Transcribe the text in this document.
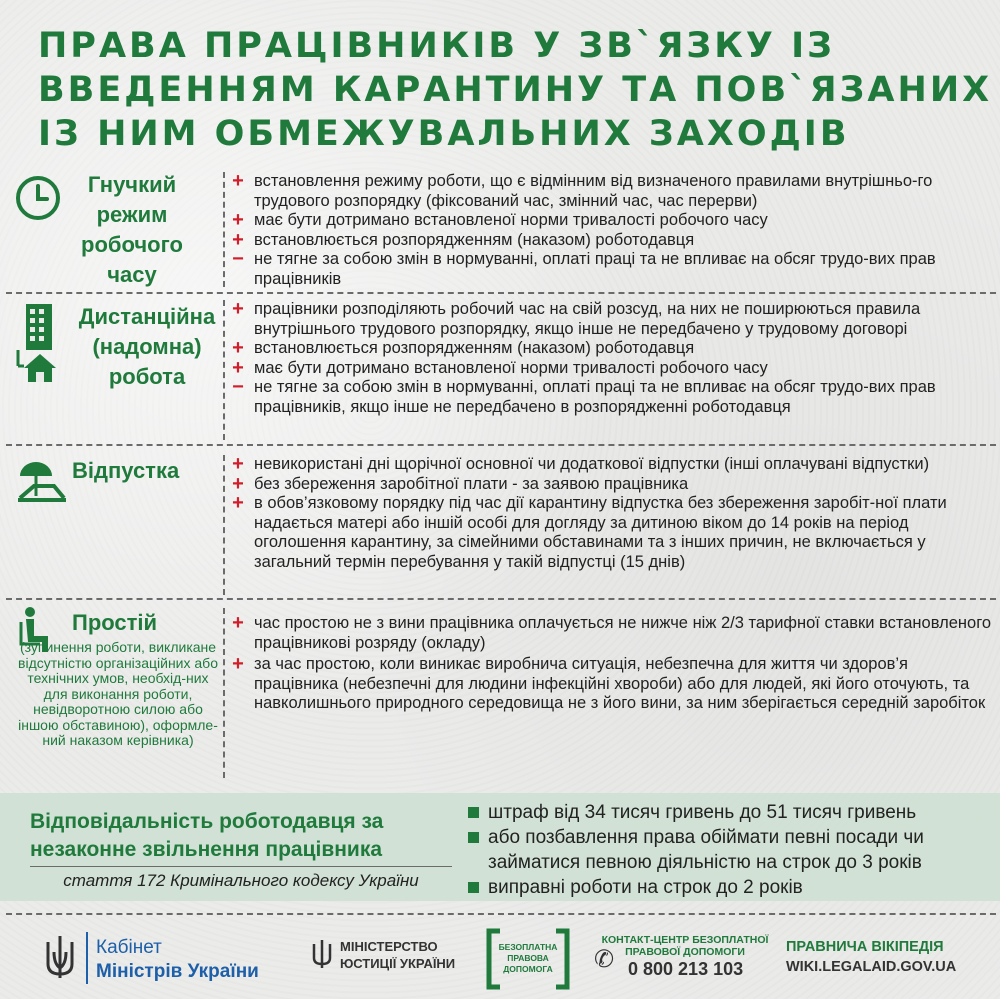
ПРАВА ПРАЦІВНИКІВ У ЗВ`ЯЗКУ ІЗ
ВВЕДЕННЯМ КАРАНТИНУ ТА ПОВ`ЯЗАНИХ
ІЗ НИМ ОБМЕЖУВАЛЬНИХ ЗАХОДІВ
Гнучкий
режим
робочого
часу
+ встановлення режиму роботи, що є відмінним від визначеного правилами внутрішньо-го трудового розпорядку (фіксований час, змінний час, час перерви)
+ має бути дотримано встановленої норми тривалості робочого часу
+ встановлюється розпорядженням (наказом) роботодавця
− не тягне за собою змін в нормуванні, оплаті праці та не впливає на обсяг трудо-вих прав працівників
Дистанційна
(надомна)
робота
+ працівники розподіляють робочий час на свій розсуд, на них не поширюються правила внутрішнього трудового розпорядку, якщо інше не передбачено у трудовому договорі
+ встановлюється розпорядженням (наказом) роботодавця
+ має бути дотримано встановленої норми тривалості робочого часу
− не тягне за собою змін в нормуванні, оплаті праці та не впливає на обсяг трудо-вих прав працівників, якщо інше не передбачено в розпорядженні роботодавця
Відпустка	+ невикористані дні щорічної основної чи додаткової відпустки (інші оплачувані відпустки)
+ без збереження заробітної плати - за заявою працівника
+ в обов’язковому порядку під час дії карантину відпустка без збереження заробіт-ної плати надається матері або іншій особі для догляду за дитиною віком до 14 років на період оголошення карантину, за сімейними обставинами та з інших причин, не включається у загальний термін перебування у такій відпустці (15 днів)
Простій
(зупинення роботи, викликане відсутністю організаційних або технічних умов, необхід-них для виконання роботи, невідворотною силою або іншою обставиною), оформле-ний наказом керівника)
+ час простою не з вини працівника оплачується не нижче ніж 2/3 тарифної ставки встановленого працівникові розряду (окладу)
+ за час простою, коли виникає виробнича ситуація, небезпечна для життя чи здоров’я працівника (небезпечні для людини інфекційні хвороби) або для людей, які його оточують, та навколишнього природного середовища не з його вини, за ним зберігається середній заробіток
Відповідальність роботодавця за незаконне звільнення працівника
стаття 172 Кримінального кодексу України
штраф від 34 тисяч гривень до 51 тисяч гривень
або позбавлення права обіймати певні посади чи займатися певною діяльністю на строк до 3 років
виправні роботи на строк до 2 років
Кабінет
Міністрів України
МІНІСТЕРСТВО
ЮСТИЦІЇ УКРАЇНИ
БЕЗОПЛАТНА
ПРАВОВА
ДОПОМОГА	✆
КОНТАКТ-ЦЕНТР БЕЗОПЛАТНОЇ
ПРАВОВОЇ ДОПОМОГИ
0 800 213 103
ПРАВНИЧА ВІКІПЕДІЯ
WIKI.LEGALAID.GOV.UA
